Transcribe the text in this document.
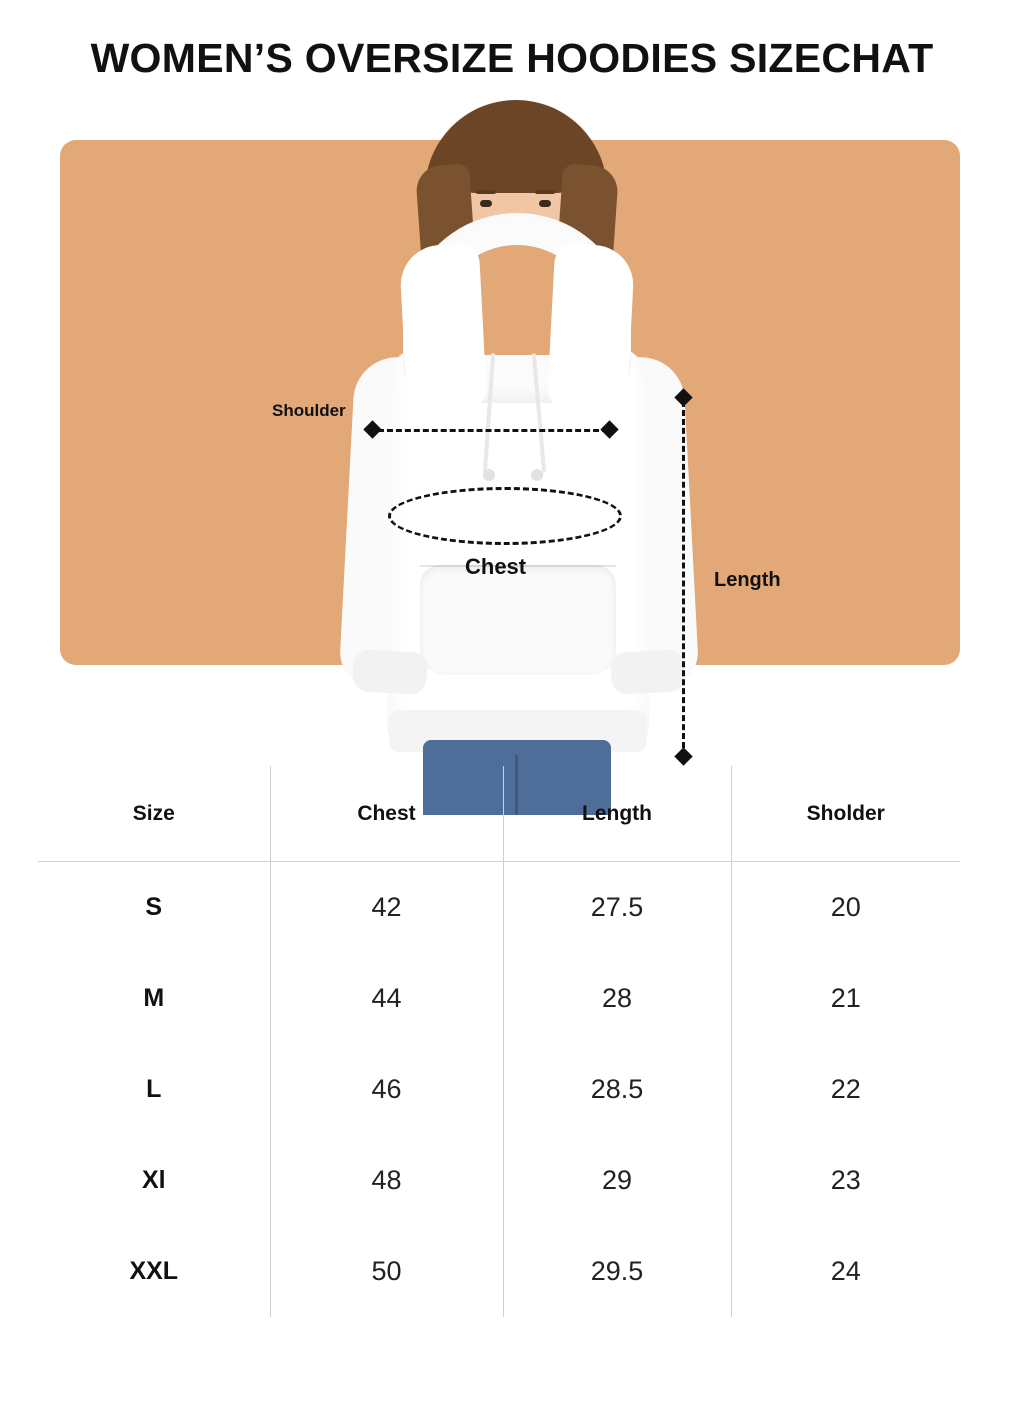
WOMEN’S OVERSIZE HOODIES SIZECHAT
Shoulder
Chest
Length
Size	Chest	Length	Sholder
S	42	27.5	20
M	44	28	21
L	46	28.5	22
Xl	48	29	23
XXL	50	29.5	24
